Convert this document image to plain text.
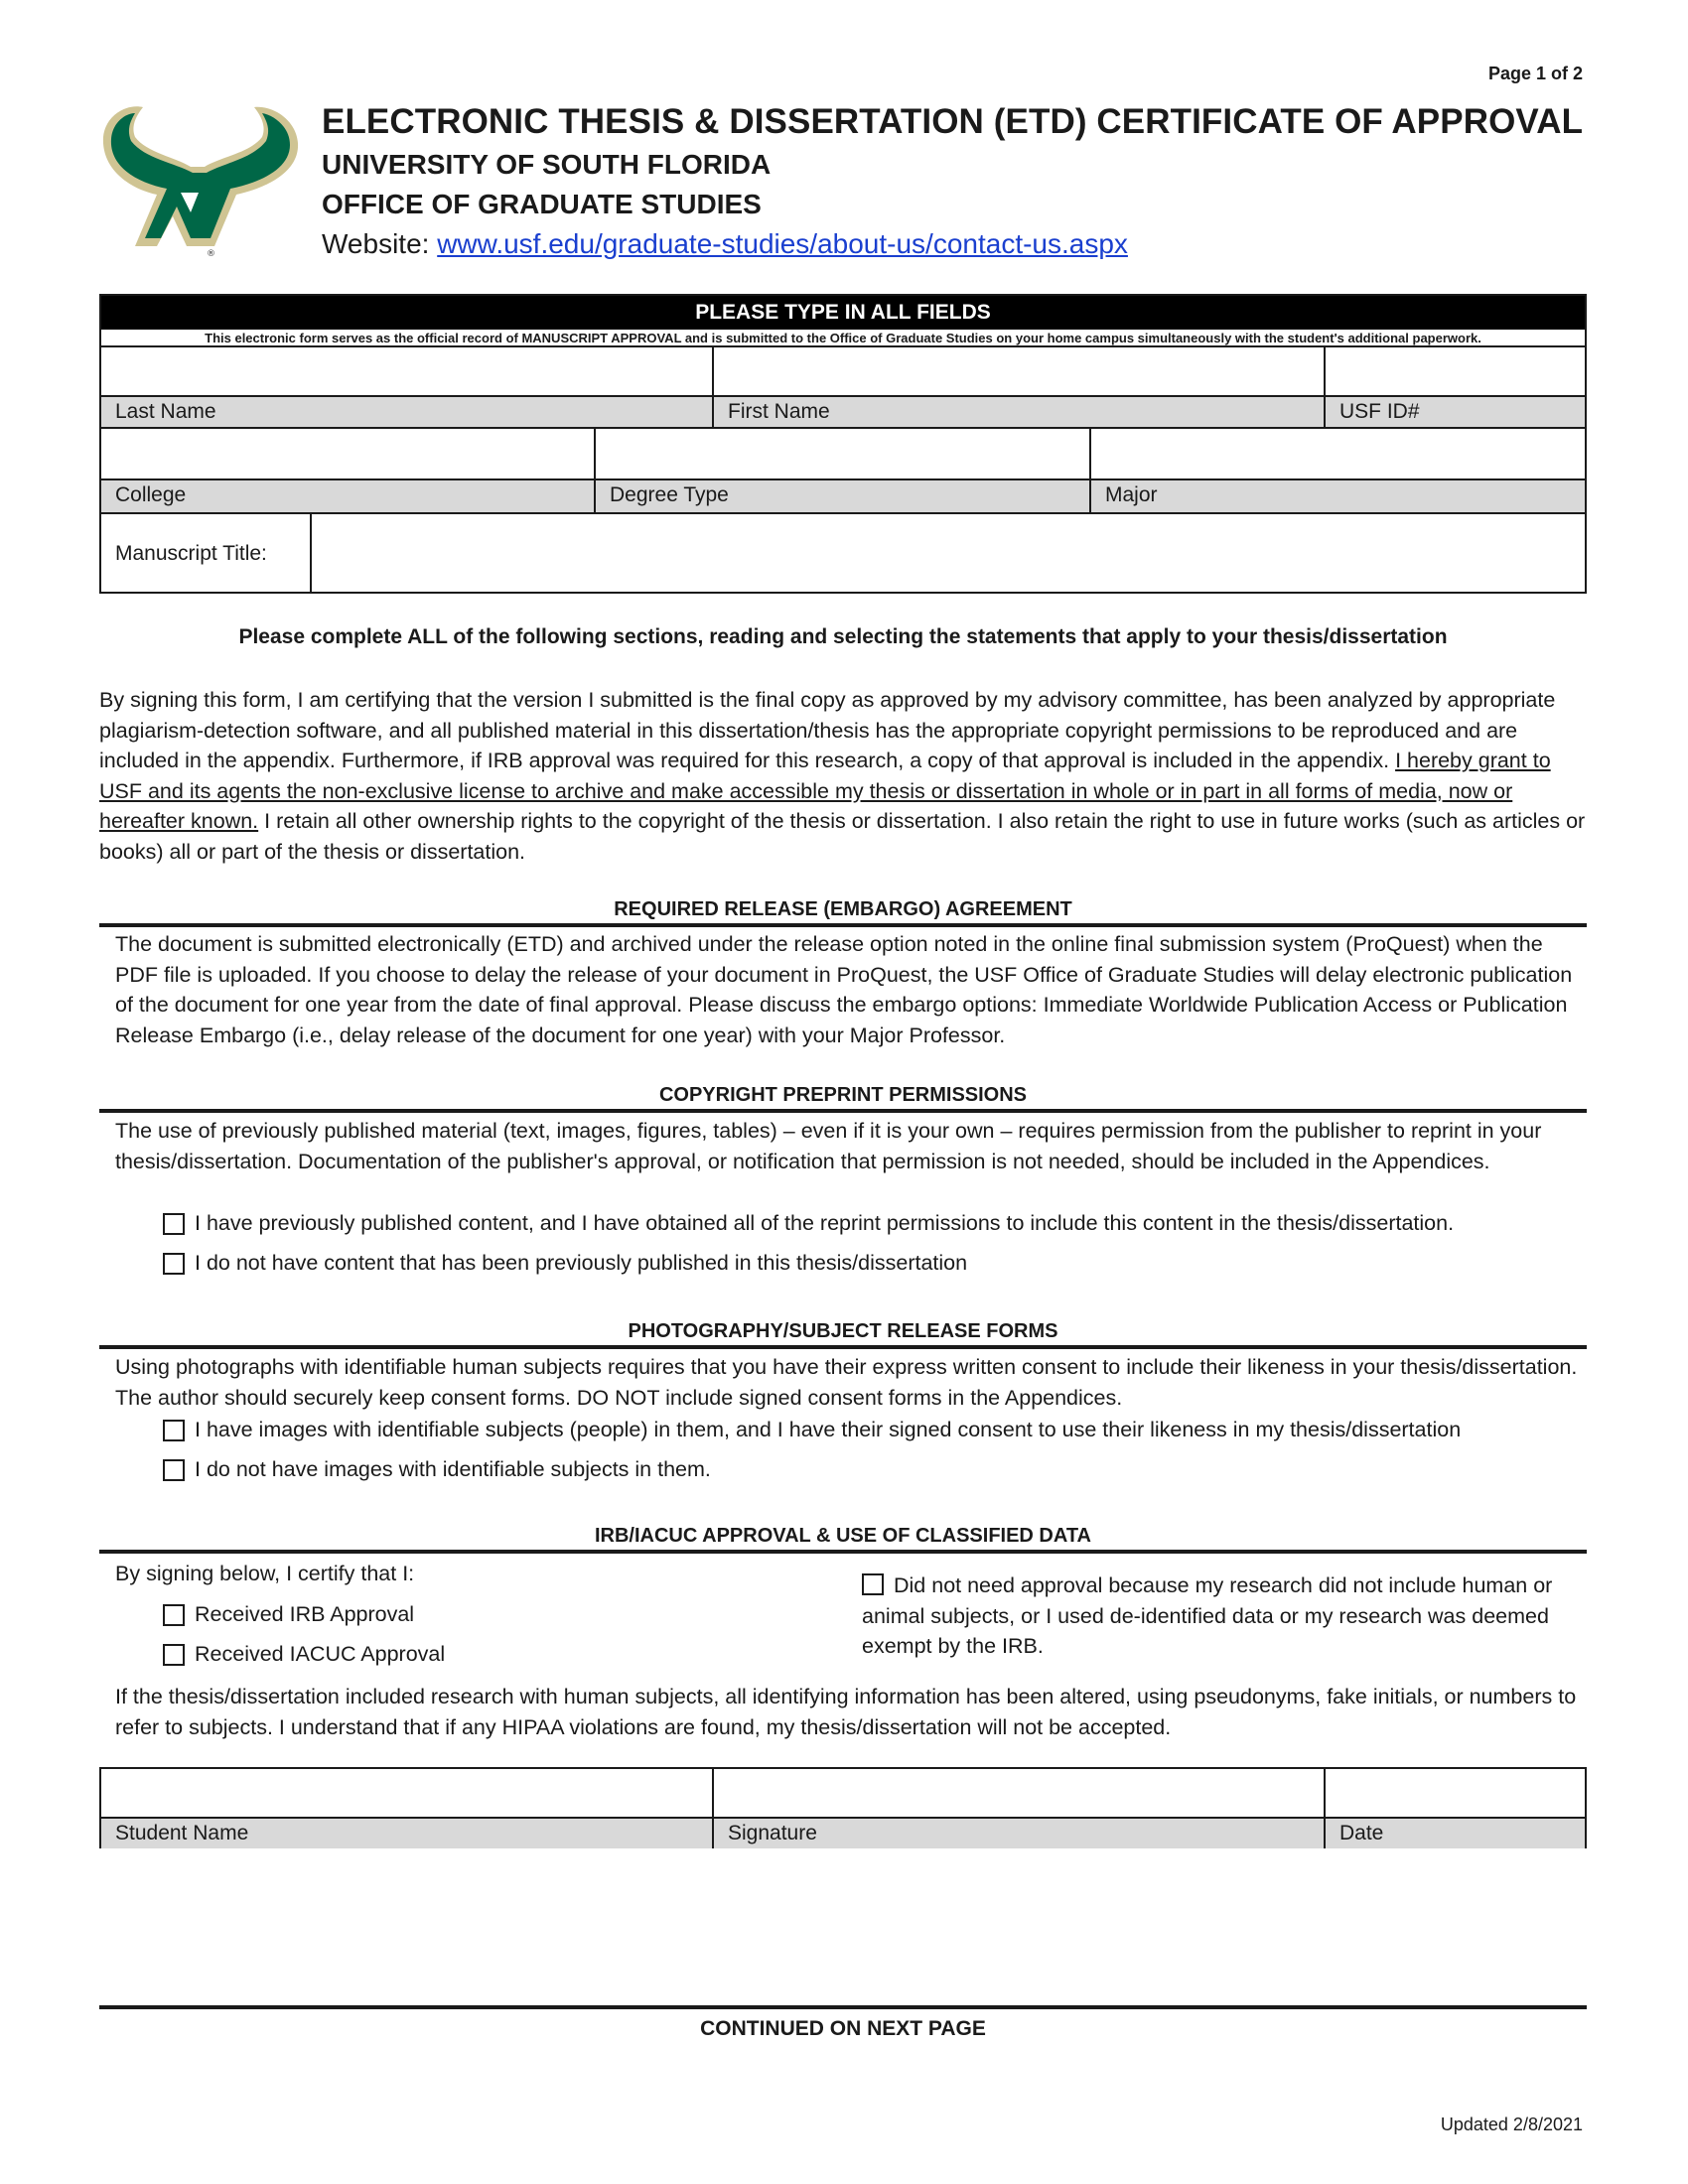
Page 1 of 2
®
ELECTRONIC THESIS & DISSERTATION (ETD) CERTIFICATE OF APPROVAL
UNIVERSITY OF SOUTH FLORIDA
OFFICE OF GRADUATE STUDIES
Website: www.usf.edu/graduate-studies/about-us/contact-us.aspx
PLEASE TYPE IN ALL FIELDS
This electronic form serves as the official record of MANUSCRIPT APPROVAL and is submitted to the Office of Graduate Studies on your home campus simultaneously with the student's additional paperwork.
Last Name	First Name	USF ID#
College	Degree Type	Major
Manuscript Title:
Please complete ALL of the following sections, reading and selecting the statements that apply to your thesis/dissertation
By signing this form, I am certifying that the version I submitted is the final copy as approved by my advisory committee, has been analyzed by appropriate plagiarism-detection software, and all published material in this dissertation/thesis has the appropriate copyright permissions to be reproduced and are included in the appendix. Furthermore, if IRB approval was required for this research, a copy of that approval is included in the appendix. I hereby grant to USF and its agents the non-exclusive license to archive and make accessible my thesis or dissertation in whole or in part in all forms of media, now or hereafter known. I retain all other ownership rights to the copyright of the thesis or dissertation. I also retain the right to use in future works (such as articles or books) all or part of the thesis or dissertation.
REQUIRED RELEASE (EMBARGO) AGREEMENT
The document is submitted electronically (ETD) and archived under the release option noted in the online final submission system (ProQuest) when the PDF file is uploaded. If you choose to delay the release of your document in ProQuest, the USF Office of Graduate Studies will delay electronic publication of the document for one year from the date of final approval. Please discuss the embargo options: Immediate Worldwide Publication Access or Publication Release Embargo (i.e., delay release of the document for one year) with your Major Professor.
COPYRIGHT PREPRINT PERMISSIONS
The use of previously published material (text, images, figures, tables) – even if it is your own – requires permission from the publisher to reprint in your thesis/dissertation. Documentation of the publisher's approval, or notification that permission is not needed, should be included in the Appendices.
I have previously published content, and I have obtained all of the reprint permissions to include this content in the thesis/dissertation.
I do not have content that has been previously published in this thesis/dissertation
PHOTOGRAPHY/SUBJECT RELEASE FORMS
Using photographs with identifiable human subjects requires that you have their express written consent to include their likeness in your thesis/dissertation. The author should securely keep consent forms. DO NOT include signed consent forms in the Appendices.
I have images with identifiable subjects (people) in them, and I have their signed consent to use their likeness in my thesis/dissertation
I do not have images with identifiable subjects in them.
IRB/IACUC APPROVAL & USE OF CLASSIFIED DATA
By signing below, I certify that I:
Received IRB Approval
Received IACUC Approval
Did not need approval because my research did not include human or animal subjects, or I used de-identified data or my research was deemed exempt by the IRB.
If the thesis/dissertation included research with human subjects, all identifying information has been altered, using pseudonyms, fake initials, or numbers to refer to subjects. I understand that if any HIPAA violations are found, my thesis/dissertation will not be accepted.
Student Name	Signature	Date
CONTINUED ON NEXT PAGE
Updated 2/8/2021
